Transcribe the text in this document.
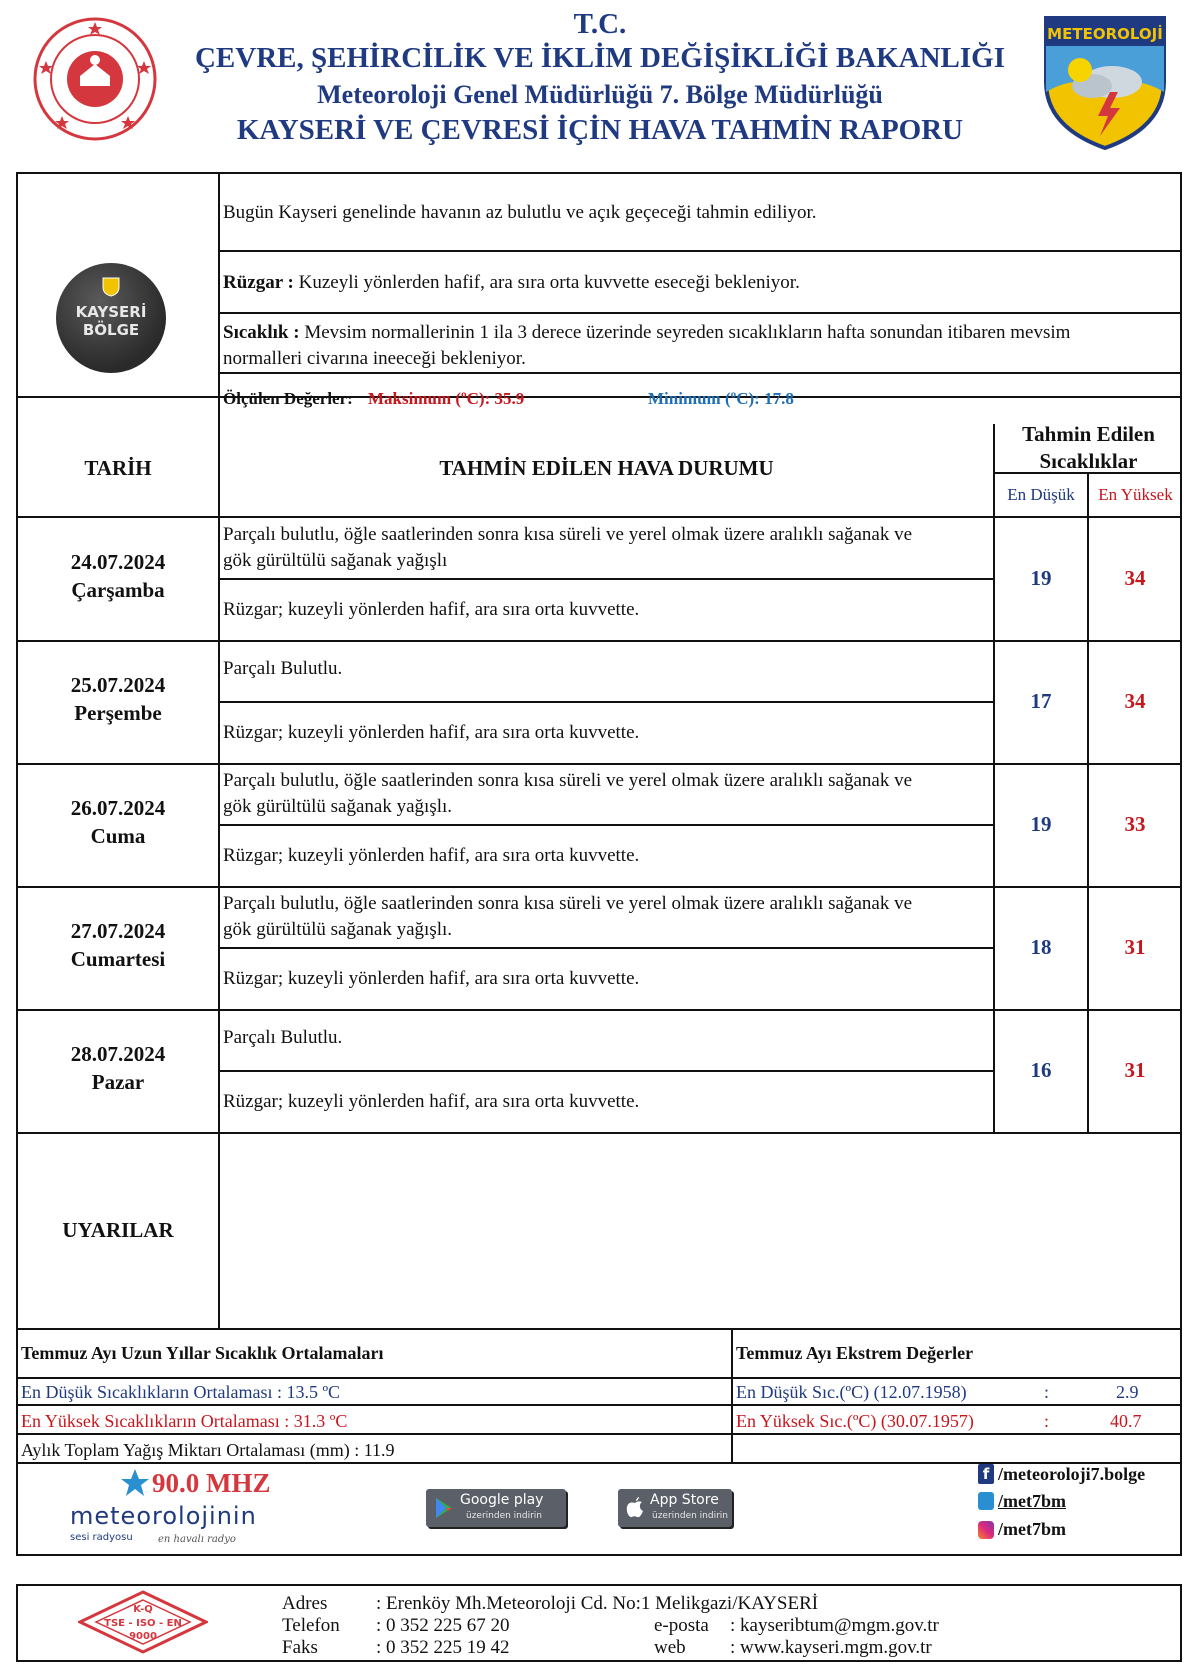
T.C.
ÇEVRE, ŞEHİRCİLİK VE İKLİM DEĞİŞİKLİĞİ BAKANLIĞI
Meteoroloji Genel Müdürlüğü 7. Bölge Müdürlüğü
KAYSERİ VE ÇEVRESİ İÇİN HAVA TAHMİN RAPORU
METEOROLOJİ
KAYSERİ
BÖLGE
Bugün Kayseri genelinde havanın az bulutlu ve açık geçeceği tahmin ediliyor.
Rüzgar : Kuzeyli yönlerden hafif, ara sıra orta kuvvette eseceği bekleniyor.
Sıcaklık : Mevsim normallerinin 1 ila 3 derece üzerinde seyreden sıcaklıkların hafta sonundan itibaren mevsim
normalleri civarına ineeceği bekleniyor.
Ölçülen Değerler: Maksimum (ºC): 35.9	Minimum (ºC): 17.8
TARİH	TAHMİN EDİLEN HAVA DURUMU
Tahmin Edilen
Sıcaklıklar
En Düşük	En Yüksek
24.07.2024
Çarşamba
Parçalı bulutlu, öğle saatlerinden sonra kısa süreli ve yerel olmak üzere aralıklı sağanak ve
gök gürültülü sağanak yağışlı
Rüzgar; kuzeyli yönlerden hafif, ara sıra orta kuvvette.
19	34
25.07.2024
Perşembe
Parçalı Bulutlu.
Rüzgar; kuzeyli yönlerden hafif, ara sıra orta kuvvette.
17	34
26.07.2024
Cuma
Parçalı bulutlu, öğle saatlerinden sonra kısa süreli ve yerel olmak üzere aralıklı sağanak ve
gök gürültülü sağanak yağışlı.
Rüzgar; kuzeyli yönlerden hafif, ara sıra orta kuvvette.
19	33
27.07.2024
Cumartesi
Parçalı bulutlu, öğle saatlerinden sonra kısa süreli ve yerel olmak üzere aralıklı sağanak ve
gök gürültülü sağanak yağışlı.
Rüzgar; kuzeyli yönlerden hafif, ara sıra orta kuvvette.
18	31
28.07.2024
Pazar
Parçalı Bulutlu.
Rüzgar; kuzeyli yönlerden hafif, ara sıra orta kuvvette.
16	31
UYARILAR
Temmuz Ayı Uzun Yıllar Sıcaklık Ortalamaları	Temmuz Ayı Ekstrem Değerler
En Düşük Sıcaklıkların Ortalaması : 13.5 ºC
En Yüksek Sıcaklıkların Ortalaması : 31.3 ºC
Aylık Toplam Yağış Miktarı Ortalaması (mm) : 11.9
En Düşük Sıc.(ºC) (12.07.1958)	:	2.9
En Yüksek Sıc.(ºC) (30.07.1957)	:	40.7
90.0 MHZ
meteorolojinin
sesi radyosu	en havalı radyo
Google play
üzerinden indirin
App Store
üzerinden indirin
f /meteoroloji7.bolge
/met7bm
/met7bm
K-Q
TSE - ISO - EN
9000
Adres	: Erenköy Mh.Meteoroloji Cd. No:1 Melikgazi/KAYSERİ
Telefon : 0 352 225 67 20
Faks	: 0 352 225 19 42
e-posta : kayseribtum@mgm.gov.tr
web : www.kayseri.mgm.gov.tr
